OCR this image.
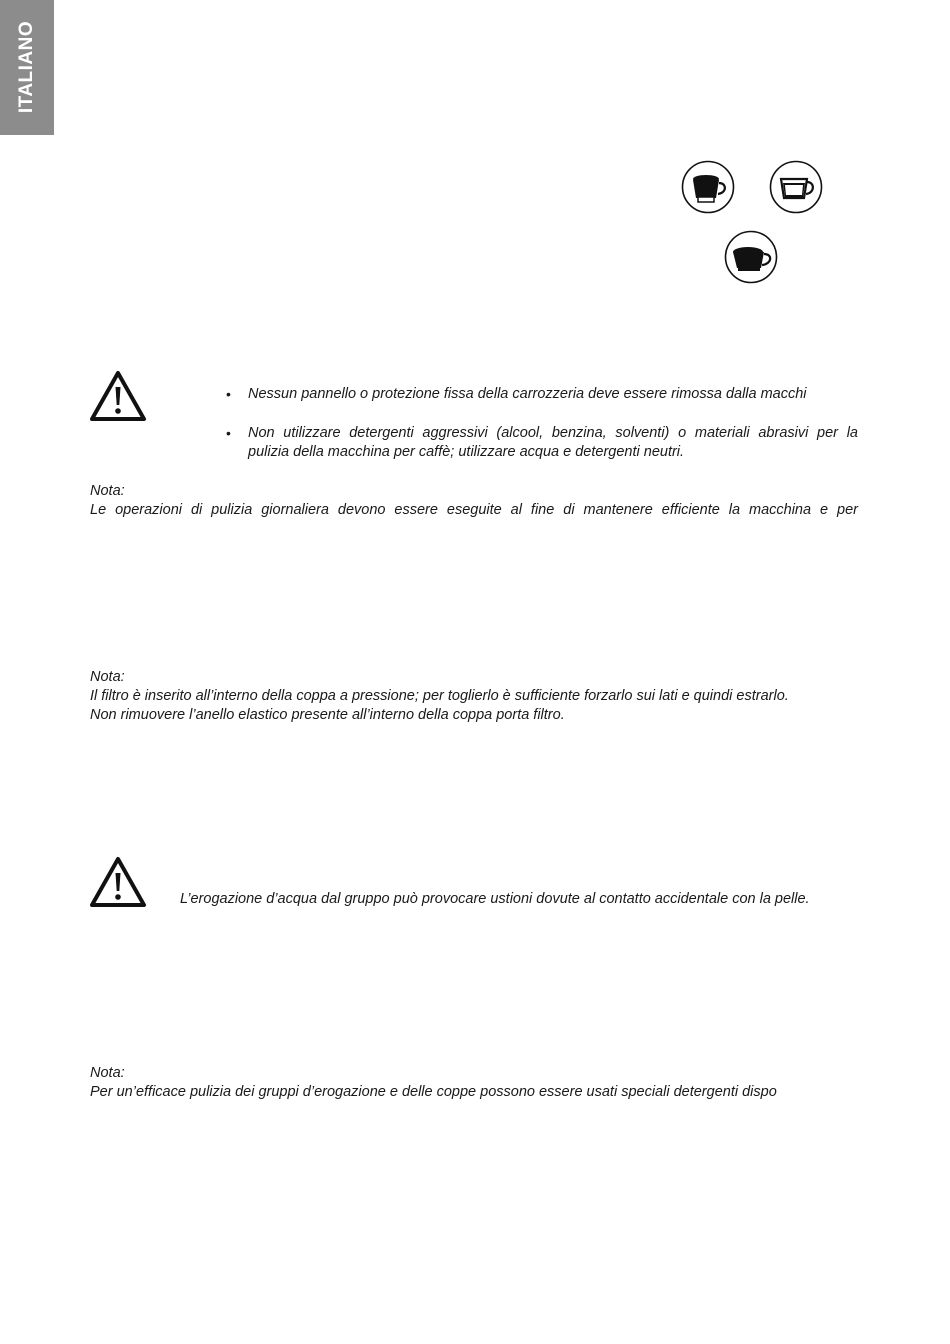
ITALIANO
• Nessun pannello o protezione fissa della carrozzeria deve essere rimossa dalla macchi
• Non utilizzare detergenti aggressivi (alcool, benzina, solventi) o materiali abrasivi per la
pulizia della macchina per caffè; utilizzare acqua e detergenti neutri.
Nota:
Le operazioni di pulizia giornaliera devono essere eseguite al fine di mantenere efficiente la macchina e per
Nota:
Il filtro è inserito all’interno della coppa a pressione; per toglierlo è sufficiente forzarlo sui lati e quindi estrarlo.
Non rimuovere l’anello elastico presente all’interno della coppa porta filtro.
L’erogazione d’acqua dal gruppo può provocare ustioni dovute al contatto accidentale con la pelle.
Nota:
Per un’efficace pulizia dei gruppi d’erogazione e delle coppe possono essere usati speciali detergenti dispo
